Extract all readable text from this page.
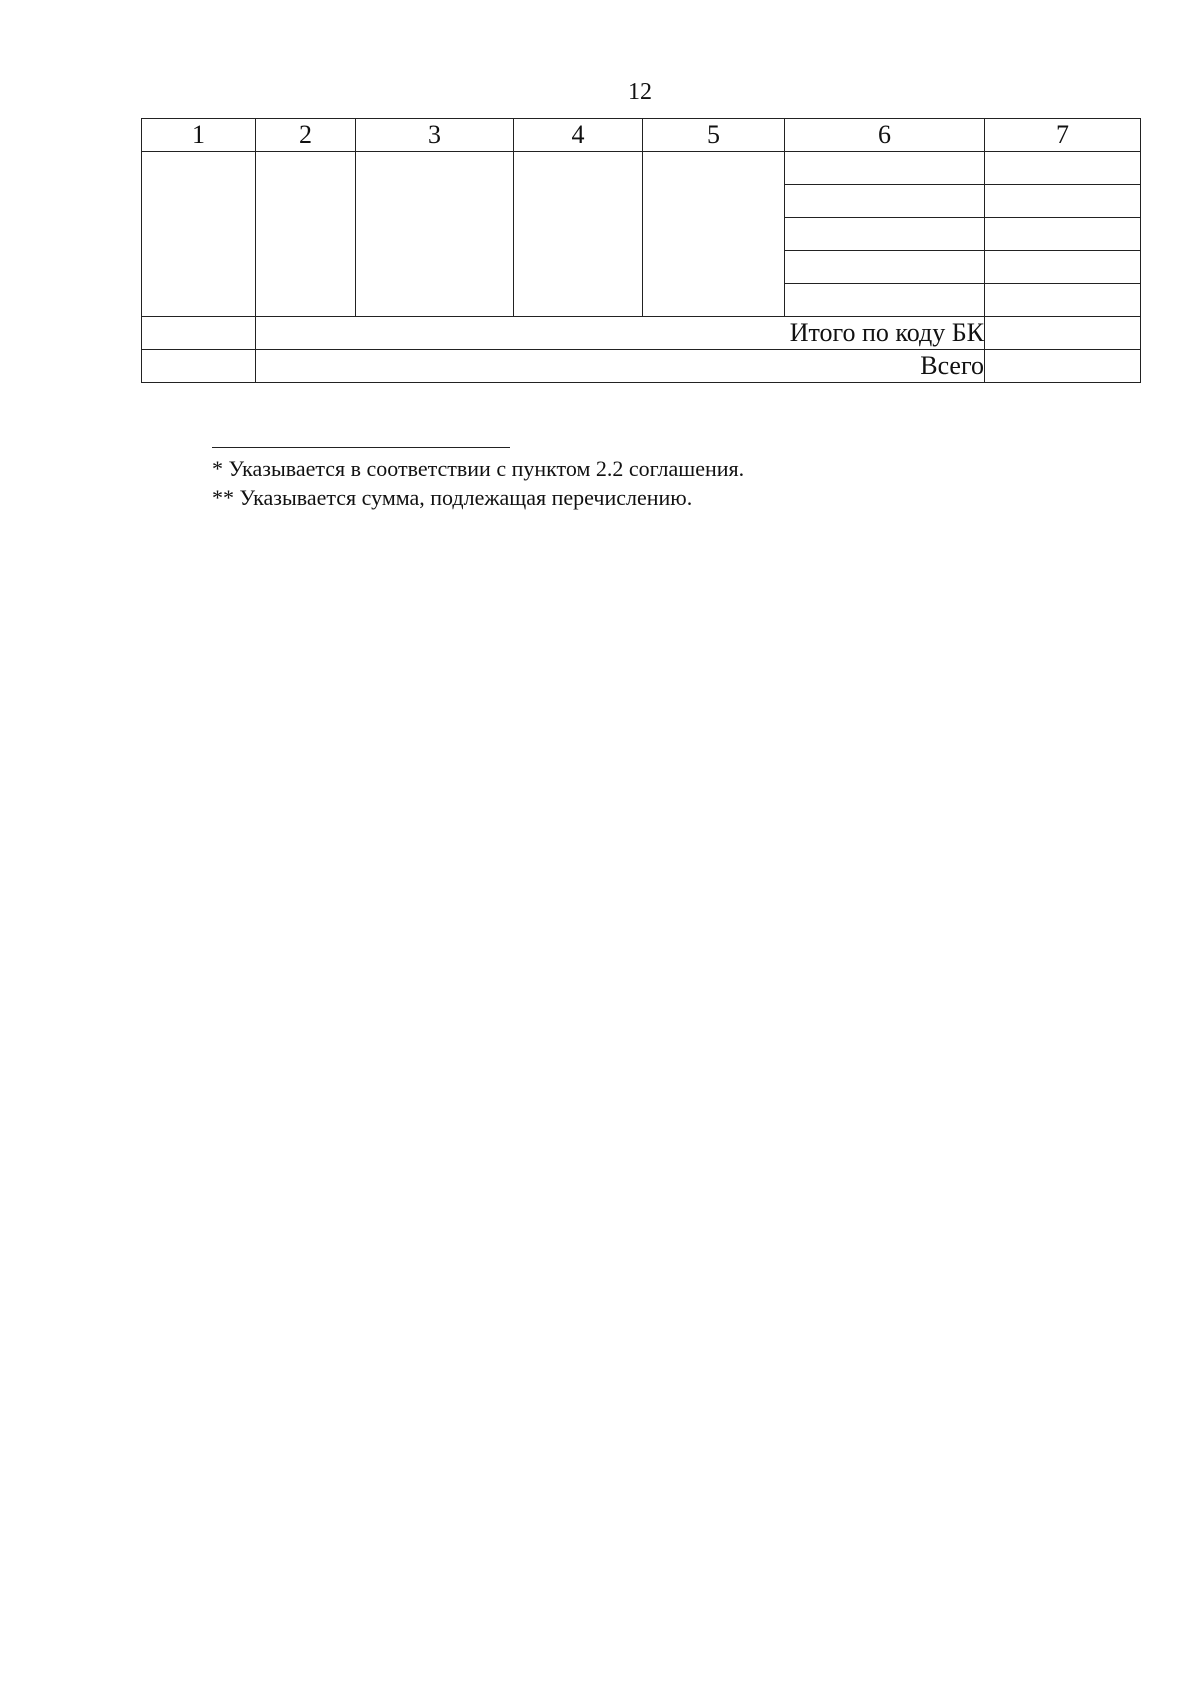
12
1	2	3	4	5	6	7

	Итого по коду БК					
	Всего					
* Указывается в соответствии с пунктом 2.2 соглашения.
** Указывается сумма, подлежащая перечислению.
